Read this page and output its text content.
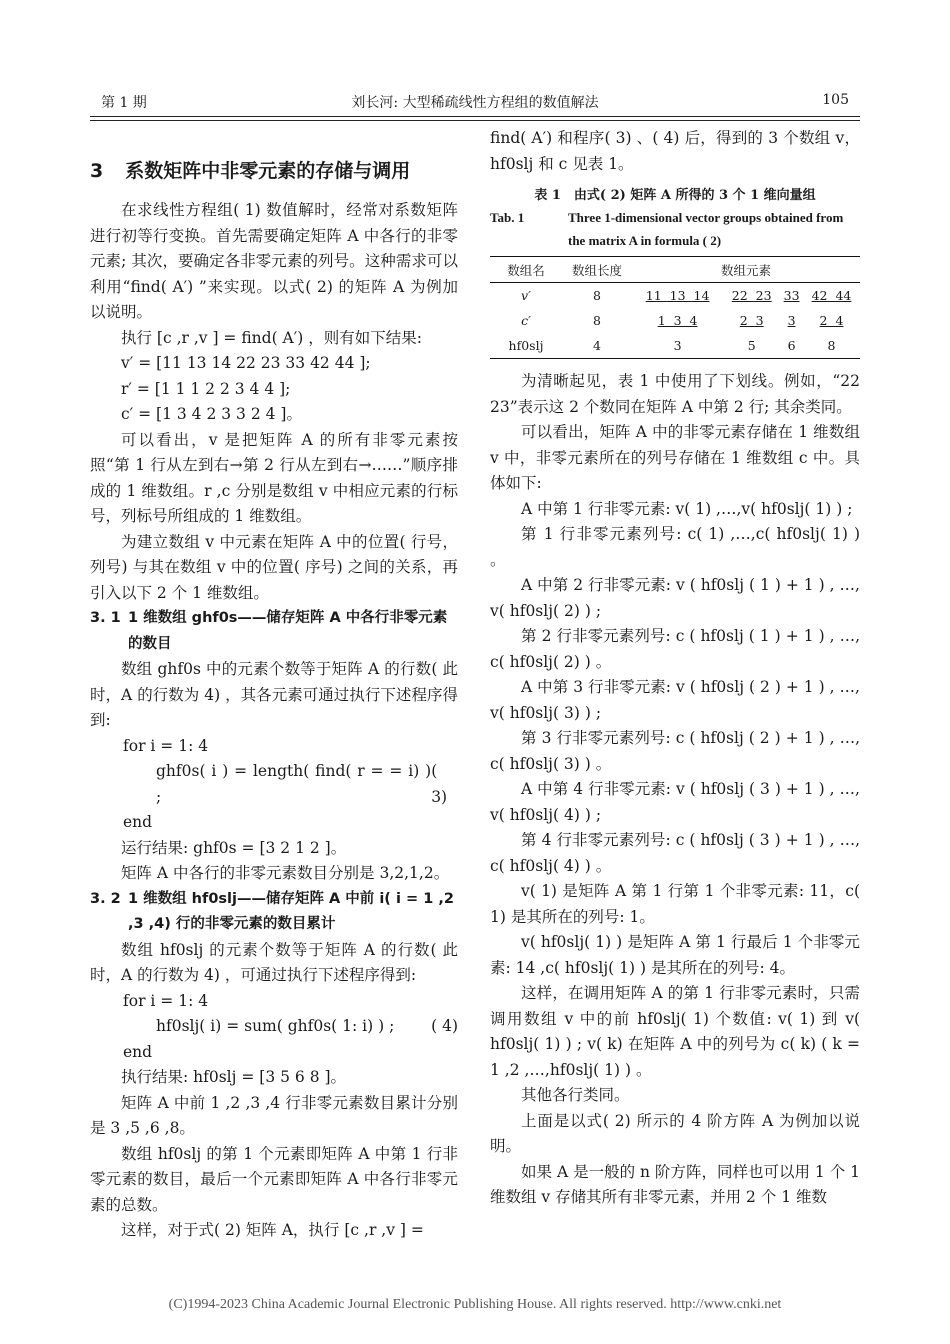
第 1 期	刘长河: 大型稀疏线性方程组的数值解法	105
3 系数矩阵中非零元素的存储与调用

在求线性方程组( 1) 数值解时，经常对系数矩阵进行初等行变换。首先需要确定矩阵 A 中各行的非零元素; 其次，要确定各非零元素的列号。这种需求可以利用“find( A′) ”来实现。以式( 2) 的矩阵 A 为例加以说明。

执行 [c ,r ,v ] = find( A′) ，则有如下结果:

v′ = [11 13 14 22 23 33 42 44 ];

r′ = [1 1 1 2 2 3 4 4 ];

c′ = [1 3 4 2 3 3 2 4 ]。

可以看出，v 是把矩阵 A 的所有非零元素按照“第 1 行从左到右→第 2 行从左到右→……”顺序排成的 1 维数组。r ,c 分别是数组 v 中相应元素的行标号，列标号所组成的 1 维数组。

为建立数组 v 中元素在矩阵 A 中的位置( 行号，列号) 与其在数组 v 中的位置( 序号) 之间的关系，再引入以下 2 个 1 维数组。

3. 1 1 维数组 ghf0s——储存矩阵 A 中各行非零元素的数目

数组 ghf0s 中的元素个数等于矩阵 A 的行数( 此时，A 的行数为 4) ，其各元素可通过执行下述程序得到:

for i = 1: 4

ghf0s( i ) = length( find( r = = i) ) ;
( 3)

end

运行结果: ghf0s = [3 2 1 2 ]。

矩阵 A 中各行的非零元素数目分别是 3,2,1,2。

3. 2 1 维数组 hf0slj——储存矩阵 A 中前 i( i = 1 ,2 ,3 ,4) 行的非零元素的数目累计

数组 hf0slj 的元素个数等于矩阵 A 的行数( 此时，A 的行数为 4) ，可通过执行下述程序得到:

for i = 1: 4

hf0slj( i) = sum( ghf0s( 1: i) ) ; ( 4)

end

执行结果: hf0slj = [3 5 6 8 ]。

矩阵 A 中前 1 ,2 ,3 ,4 行非零元素数目累计分别是 3 ,5 ,6 ,8。

数组 hf0slj 的第 1 个元素即矩阵 A 中第 1 行非零元素的数目，最后一个元素即矩阵 A 中各行非零元素的总数。

这样，对于式( 2) 矩阵 A，执行 [c ,r ,v ] =

find( A′) 和程序( 3) 、( 4) 后，得到的 3 个数组 v，hf0slj 和 c 见表 1。

表 1　由式( 2) 矩阵 A 所得的 3 个 1 维向量组
Tab. 1	Three 1-dimensional vector groups obtained from the matrix A in formula ( 2)
数组名	数组长度	数组元素			
v′	8	11 13 14	22 23	33	42 44
c′	8	1 3 4	2 3	3	2 4
hf0slj	4	3	5	6	8

为清晰起见，表 1 中使用了下划线。例如，“22 23”表示这 2 个数同在矩阵 A 中第 2 行; 其余类同。

可以看出，矩阵 A 中的非零元素存储在 1 维数组 v 中，非零元素所在的列号存储在 1 维数组 c 中。具体如下:

A 中第 1 行非零元素: v( 1) ,…,v( hf0slj( 1) ) ;

第 1 行非零元素列号: c( 1) ,…,c( hf0slj( 1) ) 。

A 中第 2 行非零元素: v ( hf0slj ( 1 ) + 1 ) , …, v( hf0slj( 2) ) ;

第 2 行非零元素列号: c ( hf0slj ( 1 ) + 1 ) , …, c( hf0slj( 2) ) 。

A 中第 3 行非零元素: v ( hf0slj ( 2 ) + 1 ) , …, v( hf0slj( 3) ) ;

第 3 行非零元素列号: c ( hf0slj ( 2 ) + 1 ) , …, c( hf0slj( 3) ) 。

A 中第 4 行非零元素: v ( hf0slj ( 3 ) + 1 ) , …, v( hf0slj( 4) ) ;

第 4 行非零元素列号: c ( hf0slj ( 3 ) + 1 ) , …, c( hf0slj( 4) ) 。

v( 1) 是矩阵 A 第 1 行第 1 个非零元素: 11，c( 1) 是其所在的列号: 1。

v( hf0slj( 1) ) 是矩阵 A 第 1 行最后 1 个非零元素: 14 ,c( hf0slj( 1) ) 是其所在的列号: 4。

这样，在调用矩阵 A 的第 1 行非零元素时，只需调用数组 v 中的前 hf0slj( 1) 个数值: v( 1) 到 v( hf0slj( 1) ) ; v( k) 在矩阵 A 中的列号为 c( k) ( k = 1 ,2 ,…,hf0slj( 1) ) 。

其他各行类同。

上面是以式( 2) 所示的 4 阶方阵 A 为例加以说明。

如果 A 是一般的 n 阶方阵，同样也可以用 1 个 1 维数组 v 存储其所有非零元素，并用 2 个 1 维数

(C)1994-2023 China Academic Journal Electronic Publishing House. All rights reserved. http://www.cnki.net
